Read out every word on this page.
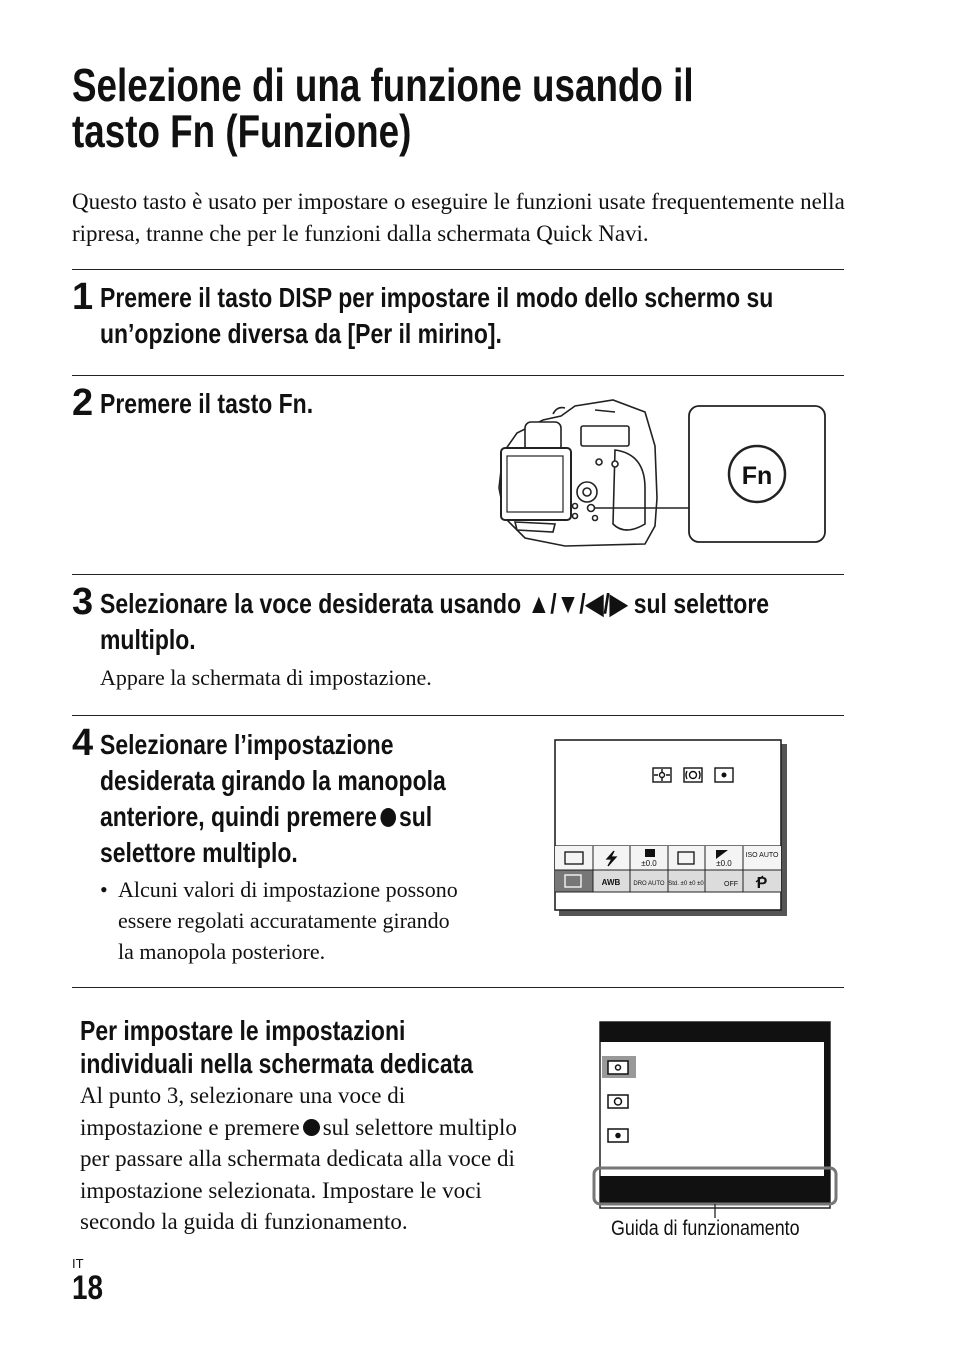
Selezione di una funzione usando il
tasto Fn (Funzione)
Questo tasto è usato per impostare o eseguire le funzioni usate frequentemente nella ripresa, tranne che per le funzioni dalla schermata Quick Navi.
1 Premere il tasto DISP per impostare il modo dello schermo su
un’opzione diversa da [Per il mirino].
2 Premere il tasto Fn.
Fn
3 Selezionare la voce desiderata usando ▲/▼/◀/▶ sul selettore
multiplo.
Appare la schermata di impostazione.
4 Selezionare l’impostazione
desiderata girando la manopola
anteriore, quindi premere sul
selettore multiplo.
• Alcuni valori di impostazione possono
essere regolati accuratamente girando
la manopola posteriore.
±0.0	±0.0
ISO AUTO
AWB DRO AUTO Std. ±0 ±0 ±0	OFF P
Per impostare le impostazioni
individuali nella schermata dedicata
Al punto 3, selezionare una voce di
impostazione e premere sul selettore multiplo
per passare alla schermata dedicata alla voce di
impostazione selezionata. Impostare le voci
secondo la guida di funzionamento.	Guida di funzionamento
IT
18
